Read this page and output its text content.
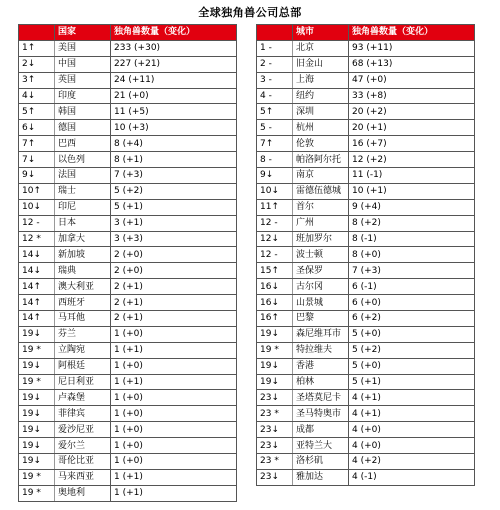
全球独角兽公司总部
	国家	独角兽数量（变化）
1↑	美国	233 (+30)
2↓	中国	227 (+21)
3↑	英国	24 (+11)
4↓	印度	21 (+0)
5↑	韩国	11 (+5)
6↓	德国	10 (+3)
7↑	巴西	8 (+4)
7↓	以色列	8 (+1)
9↓	法国	7 (+3)
10↑	瑞士	5 (+2)
10↓	印尼	5 (+1)
12 -	日本	3 (+1)
12 *	加拿大	3 (+3)
14↓	新加坡	2 (+0)
14↓	瑞典	2 (+0)
14↑	澳大利亚	2 (+1)
14↑	西班牙	2 (+1)
14↑	马耳他	2 (+1)
19↓	芬兰	1 (+0)
19 *	立陶宛	1 (+1)
19↓	阿根廷	1 (+0)
19 *	尼日利亚	1 (+1)
19↓	卢森堡	1 (+0)
19↓	菲律宾	1 (+0)
19↓	爱沙尼亚	1 (+0)
19↓	爱尔兰	1 (+0)
19↓	哥伦比亚	1 (+0)
19 *	马来西亚	1 (+1)
19 *	奥地利	1 (+1)
	城市	独角兽数量（变化）
1 -	北京	93 (+11)
2 -	旧金山	68 (+13)
3 -	上海	47 (+0)
4 -	纽约	33 (+8)
5↑	深圳	20 (+2)
5 -	杭州	20 (+1)
7↑	伦敦	16 (+7)
8 -	帕洛阿尔托	12 (+2)
9↓	南京	11 (-1)
10↓	雷德伍德城	10 (+1)
11↑	首尔	9 (+4)
12 -	广州	8 (+2)
12↓	班加罗尔	8 (-1)
12 -	波士顿	8 (+0)
15↑	圣保罗	7 (+3)
16↓	古尔冈	6 (-1)
16↓	山景城	6 (+0)
16↑	巴黎	6 (+2)
19↓	森尼维耳市	5 (+0)
19 *	特拉维夫	5 (+2)
19↓	香港	5 (+0)
19↓	柏林	5 (+1)
23↓	圣塔莫尼卡	4 (+1)
23 *	圣马特奥市	4 (+1)
23↓	成都	4 (+0)
23↓	亚特兰大	4 (+0)
23 *	洛杉矶	4 (+2)
23↓	雅加达	4 (-1)
